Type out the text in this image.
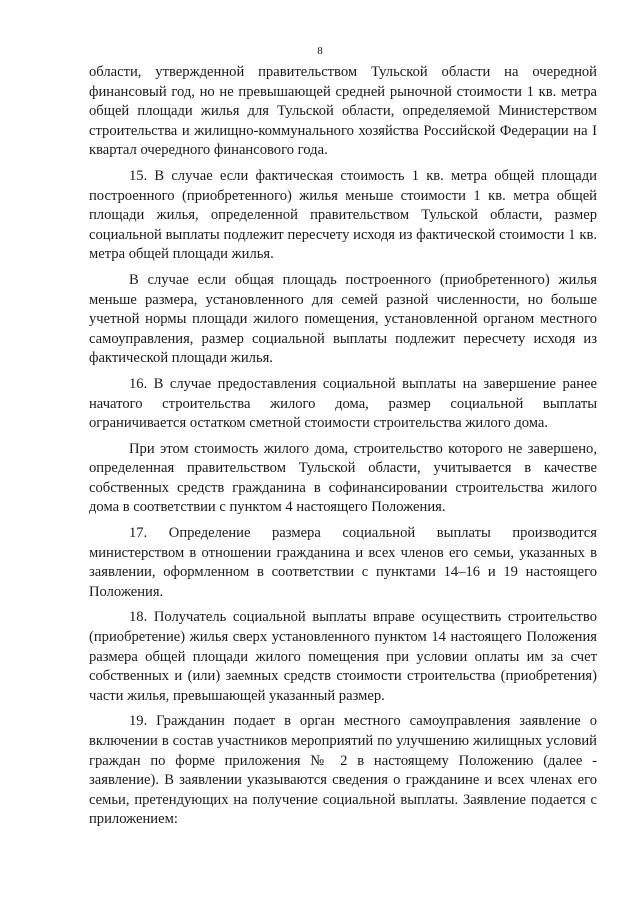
8

области, утвержденной правительством Тульской области на очередной финансовый год, но не превышающей средней рыночной стоимости 1 кв. метра общей площади жилья для Тульской области, определяемой Министерством строительства и жилищно-коммунального хозяйства Российской Федерации на I квартал очередного финансового года.

15. В случае если фактическая стоимость 1 кв. метра общей площади построенного (приобретенного) жилья меньше стоимости 1 кв. метра общей площади жилья, определенной правительством Тульской области, размер социальной выплаты подлежит пересчету исходя из фактической стоимости 1 кв. метра общей площади жилья.

В случае если общая площадь построенного (приобретенного) жилья меньше размера, установленного для семей разной численности, но больше учетной нормы площади жилого помещения, установленной органом местного самоуправления, размер социальной выплаты подлежит пересчету исходя из фактической площади жилья.

16. В случае предоставления социальной выплаты на завершение ранее начатого строительства жилого дома, размер социальной выплаты ограничивается остатком сметной стоимости строительства жилого дома.

При этом стоимость жилого дома, строительство которого не завершено, определенная правительством Тульской области, учитывается в качестве собственных средств гражданина в софинансировании строительства жилого дома в соответствии с пунктом 4 настоящего Положения.

17. Определение размера социальной выплаты производится министерством в отношении гражданина и всех членов его семьи, указанных в заявлении, оформленном в соответствии с пунктами 14–16 и 19 настоящего Положения.

18. Получатель социальной выплаты вправе осуществить строительство (приобретение) жилья сверх установленного пунктом 14 настоящего Положения размера общей площади жилого помещения при условии оплаты им за счет собственных и (или) заемных средств стоимости строительства (приобретения) части жилья, превышающей указанный размер.

19. Гражданин подает в орган местного самоуправления заявление о включении в состав участников мероприятий по улучшению жилищных условий граждан по форме приложения № 2 в настоящему Положению (далее - заявление). В заявлении указываются сведения о гражданине и всех членах его семьи, претендующих на получение социальной выплаты. Заявление подается с приложением:
